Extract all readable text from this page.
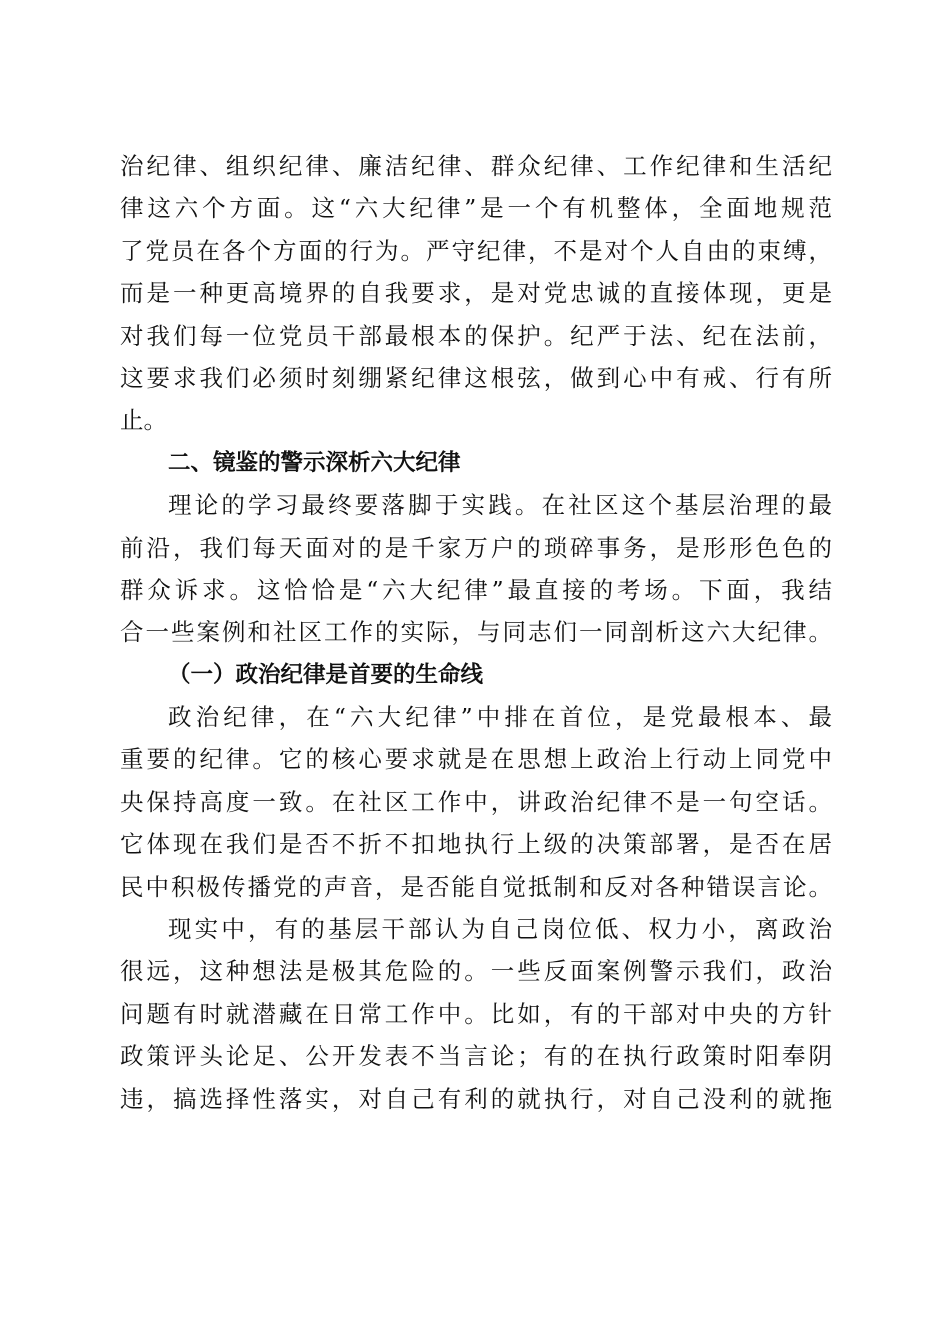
治纪律、组织纪律、廉洁纪律、群众纪律、工作纪律和生活纪
律这六个方面。这“六大纪律”是一个有机整体，全面地规范
了党员在各个方面的行为。严守纪律，不是对个人自由的束缚，
而是一种更高境界的自我要求，是对党忠诚的直接体现，更是
对我们每一位党员干部最根本的保护。纪严于法、纪在法前，
这要求我们必须时刻绷紧纪律这根弦，做到心中有戒、行有所
止。
二、镜鉴的警示深析六大纪律
理论的学习最终要落脚于实践。在社区这个基层治理的最
前沿，我们每天面对的是千家万户的琐碎事务，是形形色色的
群众诉求。这恰恰是“六大纪律”最直接的考场。下面，我结
合一些案例和社区工作的实际，与同志们一同剖析这六大纪律。
（一）政治纪律是首要的生命线
政治纪律，在“六大纪律”中排在首位，是党最根本、最
重要的纪律。它的核心要求就是在思想上政治上行动上同党中
央保持高度一致。在社区工作中，讲政治纪律不是一句空话。
它体现在我们是否不折不扣地执行上级的决策部署，是否在居
民中积极传播党的声音，是否能自觉抵制和反对各种错误言论。
现实中，有的基层干部认为自己岗位低、权力小，离政治
很远，这种想法是极其危险的。一些反面案例警示我们，政治
问题有时就潜藏在日常工作中。比如，有的干部对中央的方针
政策评头论足、公开发表不当言论；有的在执行政策时阳奉阴
违，搞选择性落实，对自己有利的就执行，对自己没利的就拖
